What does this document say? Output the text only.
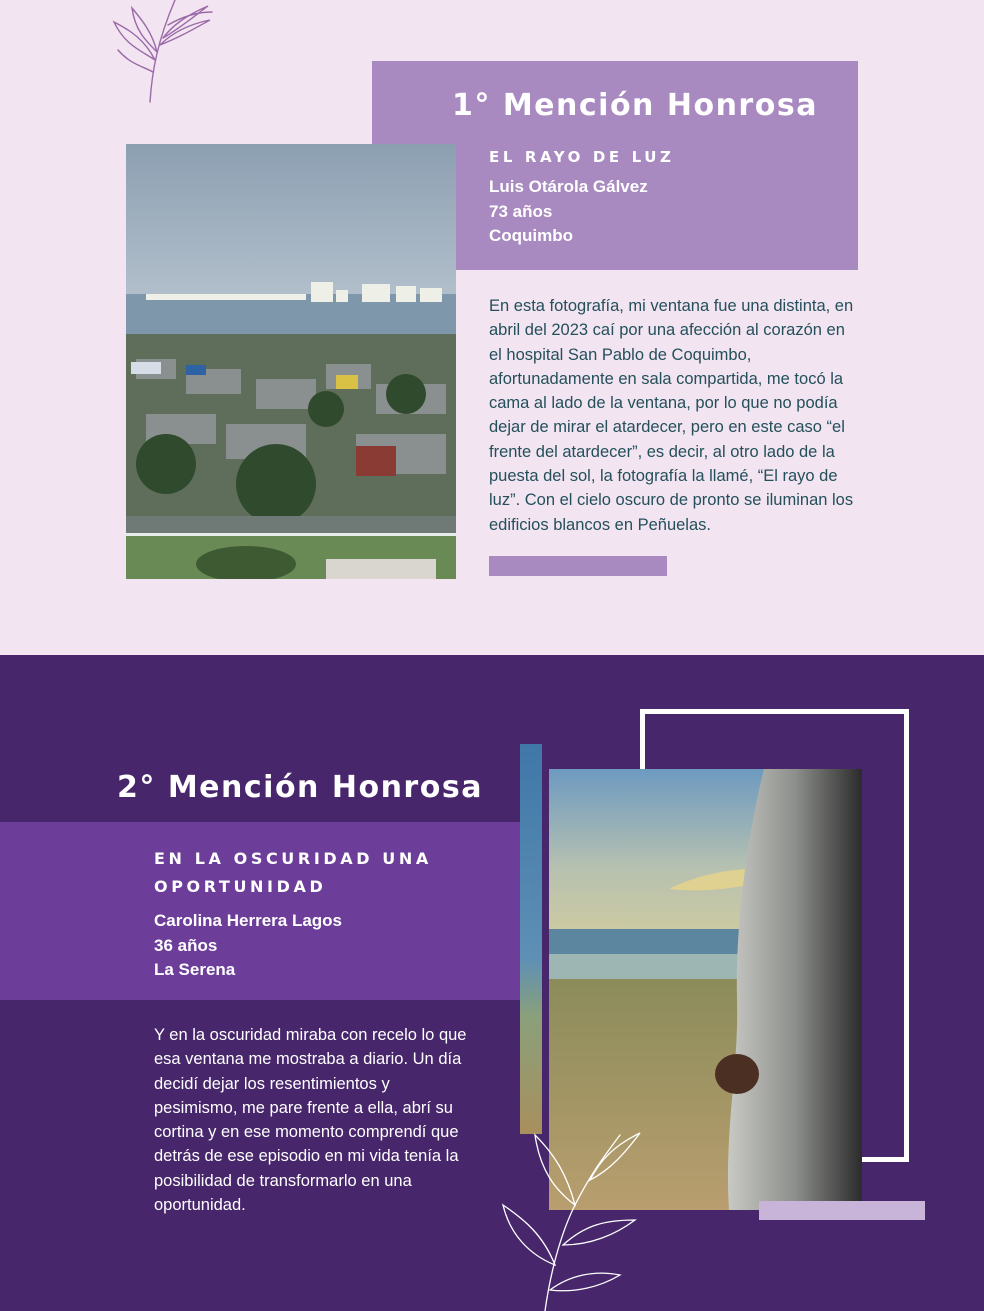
1° Mención Honrosa
EL RAYO DE LUZ
Luis Otárola Gálvez
73 años
Coquimbo
En esta fotografía, mi ventana fue una distinta, en abril del 2023 caí por una afección al corazón en el hospital San Pablo de Coquimbo, afortunadamente en sala compartida, me tocó la cama al lado de la ventana, por lo que no podía dejar de mirar el atardecer, pero en este caso “el frente del atardecer”, es decir, al otro lado de la puesta del sol, la fotografía la llamé, “El rayo de luz”. Con el cielo oscuro de pronto se iluminan los edificios blancos en Peñuelas.
2° Mención Honrosa
EN LA OSCURIDAD UNA OPORTUNIDAD
Carolina Herrera Lagos
36 años
La Serena
Y en la oscuridad miraba con recelo lo que esa ventana me mostraba a diario. Un día decidí dejar los resentimientos y pesimismo, me pare frente a ella, abrí su cortina y en ese momento comprendí que detrás de ese episodio en mi vida tenía la posibilidad de transformarlo en una oportunidad.
